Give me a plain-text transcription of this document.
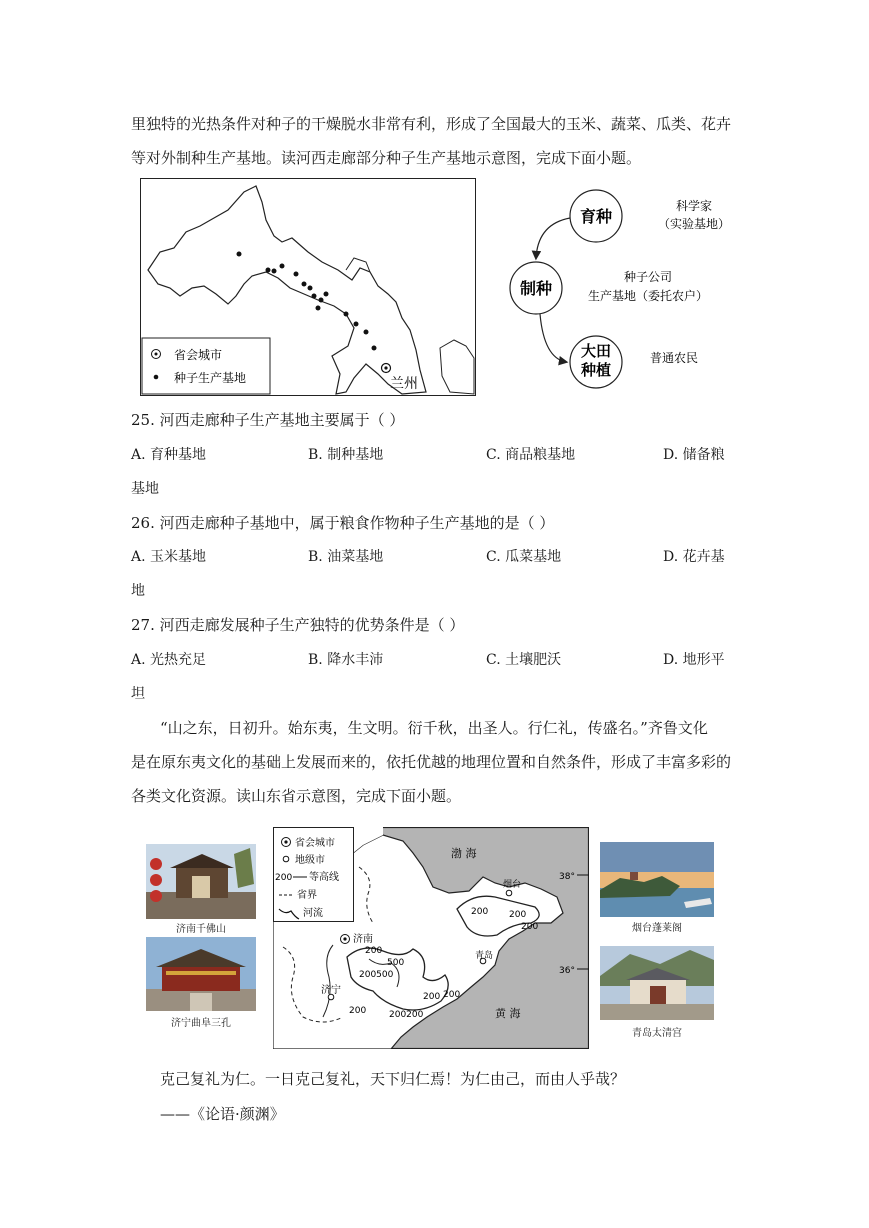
里独特的光热条件对种子的干燥脱水非常有利，形成了全国最大的玉米、蔬菜、瓜类、花卉
等对外制种生产基地。读河西走廊部分种子生产基地示意图，完成下面小题。
兰州
省会城市
种子生产基地
育种
制种
大田
种植
科学家
（实验基地）
种子公司
生产基地（委托农户）
普通农民
25. 河西走廊种子生产基地主要属于（ ）
A. 育种基地	B. 制种基地	C. 商品粮基地	D. 储备粮
基地
26. 河西走廊种子基地中，属于粮食作物种子生产基地的是（ ）
A. 玉米基地	B. 油菜基地	C. 瓜菜基地	D. 花卉基
地
27. 河西走廊发展种子生产独特的优势条件是（ ）
A. 光热充足	B. 降水丰沛	C. 土壤肥沃	D. 地形平
坦
“山之东，日初升。始东夷，生文明。衍千秋，出圣人。行仁礼，传盛名。”齐鲁文化
是在原东夷文化的基础上发展而来的，依托优越的地理位置和自然条件，形成了丰富多彩的
各类文化资源。读山东省示意图，完成下面小题。
济南千佛山
济宁曲阜三孔
烟台蓬莱阁
青岛太清宫
省会城市
地级市
200 等高线
省界
河流
渤 海
黄 海
济南
济宁
烟台
青岛
200 200
200
200
500
200500
200
200	200200
200
38°
36°
克己复礼为仁。一日克己复礼，天下归仁焉！为仁由己，而由人乎哉？
——《论语·颜渊》
